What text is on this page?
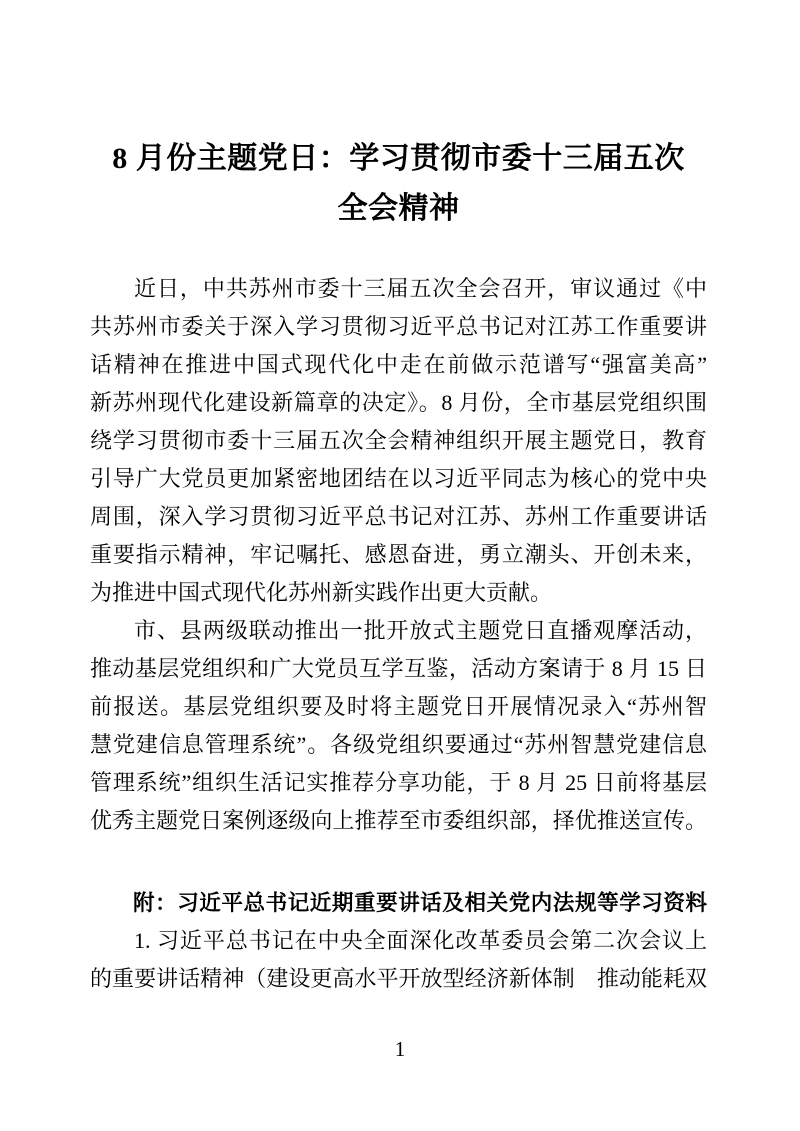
8 月份主题党日：学习贯彻市委十三届五次
全会精神
近日，中共苏州市委十三届五次全会召开，审议通过《中
共苏州市委关于深入学习贯彻习近平总书记对江苏工作重要讲
话精神在推进中国式现代化中走在前做示范谱写“强富美高”
新苏州现代化建设新篇章的决定》。8 月份，全市基层党组织围
绕学习贯彻市委十三届五次全会精神组织开展主题党日，教育
引导广大党员更加紧密地团结在以习近平同志为核心的党中央
周围，深入学习贯彻习近平总书记对江苏、苏州工作重要讲话
重要指示精神，牢记嘱托、感恩奋进，勇立潮头、开创未来，
为推进中国式现代化苏州新实践作出更大贡献。
市、县两级联动推出一批开放式主题党日直播观摩活动，
推动基层党组织和广大党员互学互鉴，活动方案请于 8 月 15 日
前报送。基层党组织要及时将主题党日开展情况录入“苏州智
慧党建信息管理系统”。各级党组织要通过“苏州智慧党建信息
管理系统”组织生活记实推荐分享功能，于 8 月 25 日前将基层
优秀主题党日案例逐级向上推荐至市委组织部，择优推送宣传。
附：习近平总书记近期重要讲话及相关党内法规等学习资料
1. 习近平总书记在中央全面深化改革委员会第二次会议上
的重要讲话精神（建设更高水平开放型经济新体制　推动能耗双
1
